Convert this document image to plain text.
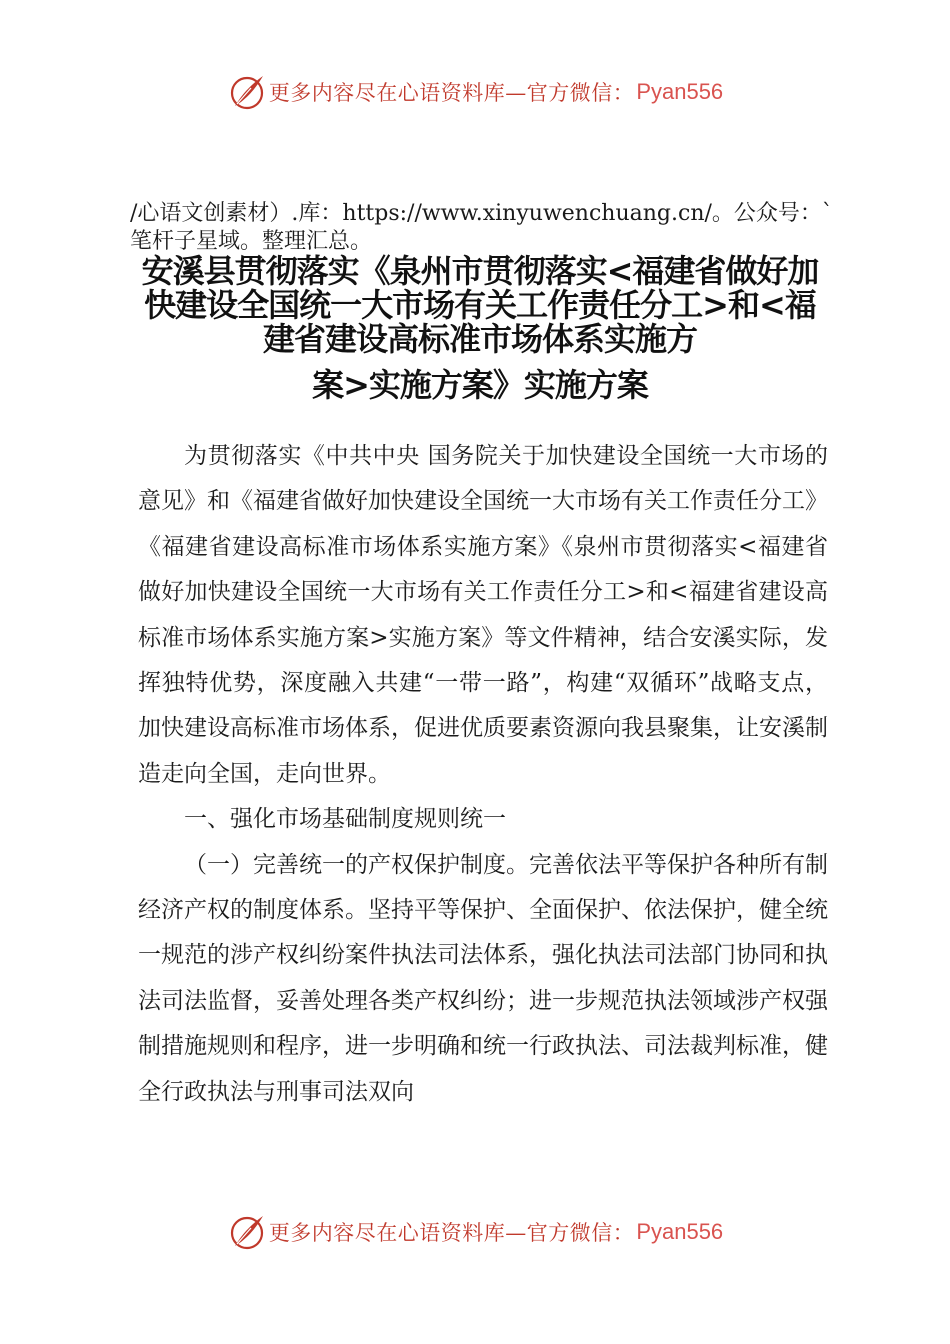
更多内容尽在心语资料库—官方微信： Pyan556
/心语文创素材）.库：https://www.xinyuwenchuang.cn/。公众号：`笔杆子星域。整理汇总。
安溪县贯彻落实《泉州市贯彻落实<福建省做好加快建设全国统一大市场有关工作责任分工>和<福建省建设高标准市场体系实施方
案>实施方案》实施方案

为贯彻落实《中共中央 国务院关于加快建设全国统一大市场的意见》和《福建省做好加快建设全国统一大市场有关工作责任分工》《福建省建设高标准市场体系实施方案》《泉州市贯彻落实<福建省做好加快建设全国统一大市场有关工作责任分工>和<福建省建设高标准市场体系实施方案>实施方案》等文件精神，结合安溪实际，发挥独特优势，深度融入共建“一带一路”，构建“双循环”战略支点，加快建设高标准市场体系，促进优质要素资源向我县聚集，让安溪制造走向全国，走向世界。

一、强化市场基础制度规则统一

（一）完善统一的产权保护制度。完善依法平等保护各种所有制经济产权的制度体系。坚持平等保护、全面保护、依法保护，健全统一规范的涉产权纠纷案件执法司法体系，强化执法司法部门协同和执法司法监督，妥善处理各类产权纠纷；进一步规范执法领域涉产权强制措施规则和程序，进一步明确和统一行政执法、司法裁判标准，健全行政执法与刑事司法双向

更多内容尽在心语资料库—官方微信： Pyan556
